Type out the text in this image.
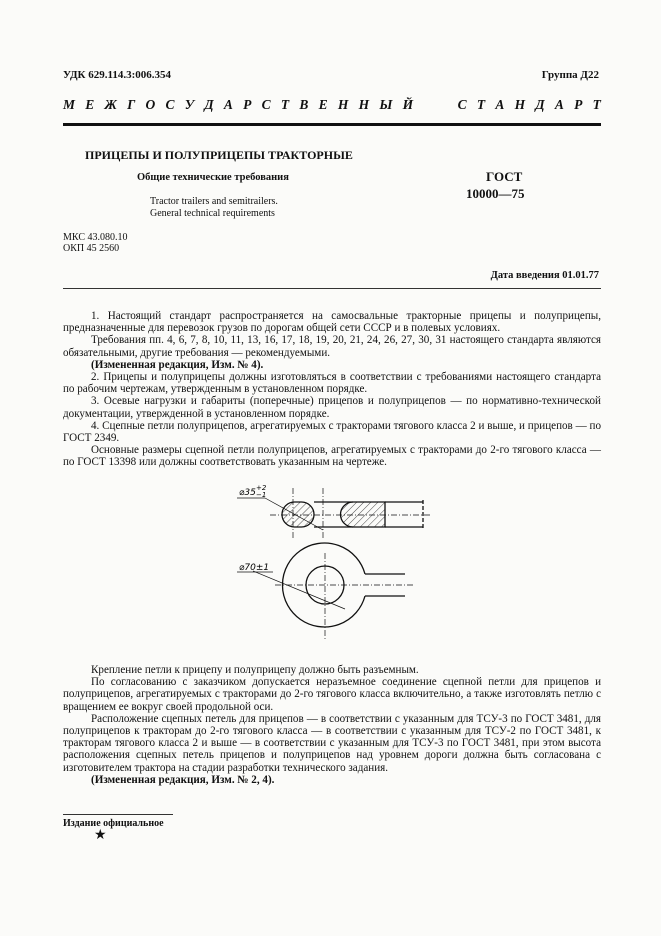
УДК 629.114.3:006.354	Группа Д22
М Е Ж Г О С У Д А Р С Т В Е Н Н Ы Й	С Т А Н Д А Р Т
ПРИЦЕПЫ И ПОЛУПРИЦЕПЫ ТРАКТОРНЫЕ
Общие технические требования
Tractor trailers and semitrailers.
General technical requirements
ГОСТ
10000—75
МКС 43.080.10
ОКП 45 2560
Дата введения 01.01.77

1. Настоящий стандарт распространяется на самосвальные тракторные прицепы и полуприцепы, предназначенные для перевозок грузов по дорогам общей сети СССР и в полевых условиях.

Требования пп. 4, 6, 7, 8, 10, 11, 13, 16, 17, 18, 19, 20, 21, 24, 26, 27, 30, 31 настоящего стандарта являются обязательными, другие требования — рекомендуемыми.

(Измененная редакция, Изм. № 4).

2. Прицепы и полуприцепы должны изготовляться в соответствии с требованиями настоящего стандарта по рабочим чертежам, утвержденным в установленном порядке.

3. Осевые нагрузки и габариты (поперечные) прицепов и полуприцепов — по нормативно-технической документации, утвержденной в установленном порядке.

4. Сцепные петли полуприцепов, агрегатируемых с тракторами тягового класса 2 и выше, и прицепов — по ГОСТ 2349.

Основные размеры сцепной петли полуприцепов, агрегатируемых с тракторами до 2-го тягового класса — по ГОСТ 13398 или должны соответствовать указанным на чертеже.

⌀35 +2
−1
⌀70±1

Крепление петли к прицепу и полуприцепу должно быть разъемным.

По согласованию с заказчиком допускается неразъемное соединение сцепной петли для прицепов и полуприцепов, агрегатируемых с тракторами до 2-го тягового класса включительно, а также изготовлять петлю с вращением ее вокруг своей продольной оси.

Расположение сцепных петель для прицепов — в соответствии с указанным для ТСУ-3 по ГОСТ 3481, для полуприцепов к тракторам до 2-го тягового класса — в соответствии с указанным для ТСУ-2 по ГОСТ 3481, к тракторам тягового класса 2 и выше — в соответствии с указанным для ТСУ-3 по ГОСТ 3481, при этом высота расположения сцепных петель прицепов и полуприцепов над уровнем дороги должна быть согласована с изготовителем трактора на стадии разработки технического задания.

(Измененная редакция, Изм. № 2, 4).

Издание официальное
★
